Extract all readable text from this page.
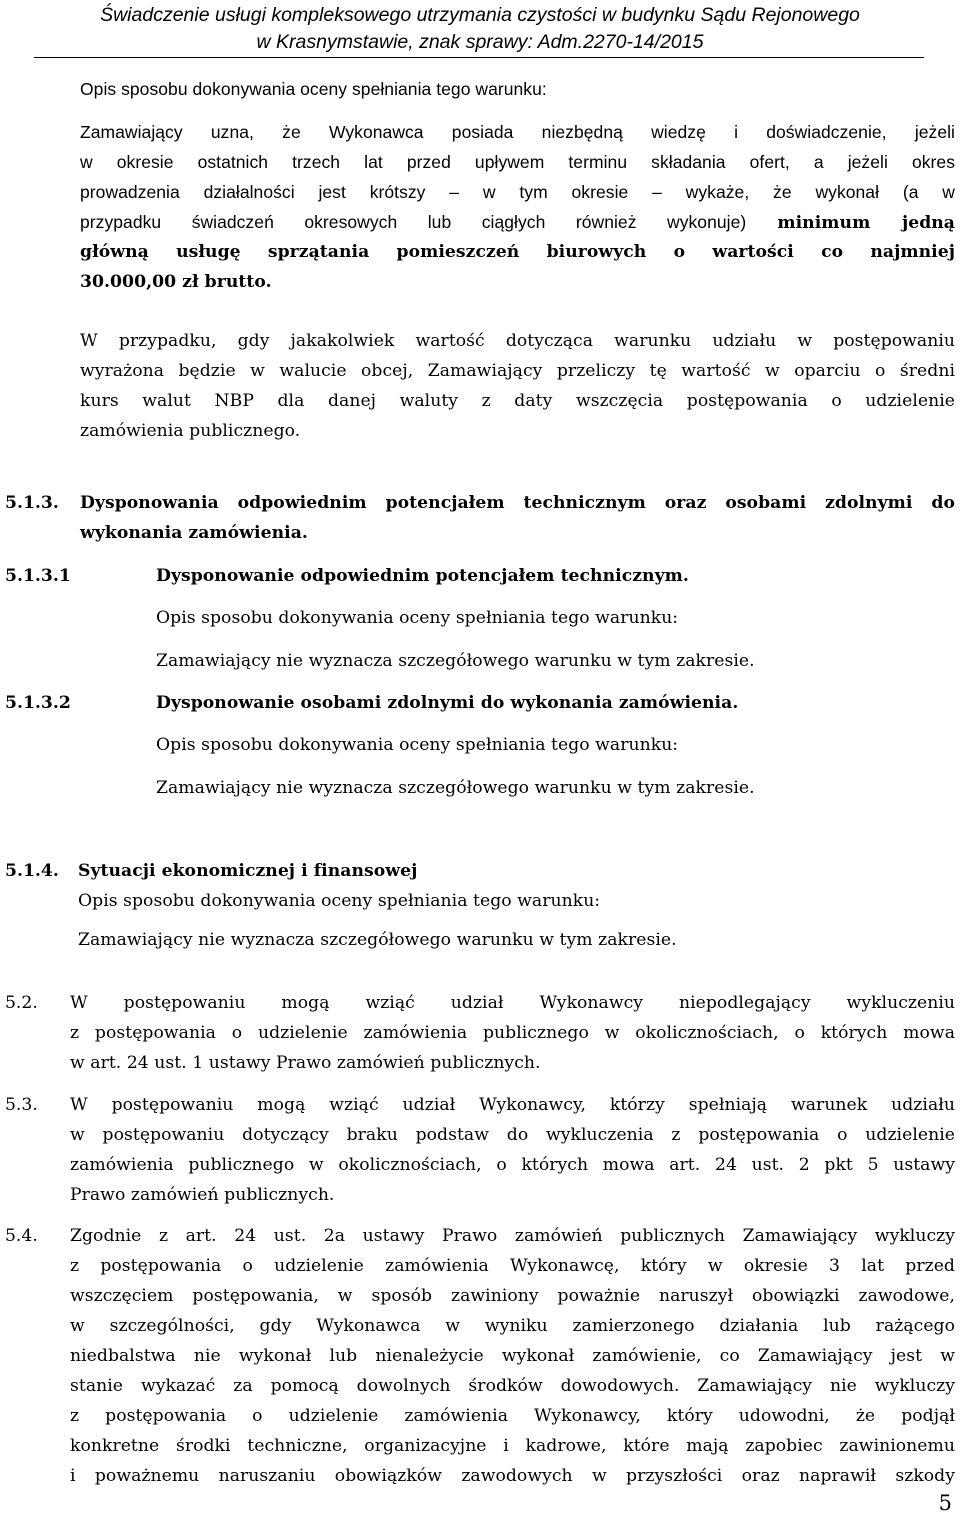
Świadczenie usługi kompleksowego utrzymania czystości w budynku Sądu Rejonowego
w Krasnymstawie, znak sprawy: Adm.2270-14/2015
Opis sposobu dokonywania oceny spełniania tego warunku:
Zamawiający uzna, że Wykonawca posiada niezbędną wiedzę i doświadczenie, jeżeli
w okresie ostatnich trzech lat przed upływem terminu składania ofert, a jeżeli okres
prowadzenia działalności jest krótszy – w tym okresie – wykaże, że wykonał (a w
przypadku świadczeń okresowych lub ciągłych również wykonuje) minimum jedną
główną usługę sprzątania pomieszczeń biurowych o wartości co najmniej
30.000,00 zł brutto.
W przypadku, gdy jakakolwiek wartość dotycząca warunku udziału w postępowaniu
wyrażona będzie w walucie obcej, Zamawiający przeliczy tę wartość w oparciu o średni
kurs walut NBP dla danej waluty z daty wszczęcia postępowania o udzielenie
zamówienia publicznego.
5.1.3. Dysponowania odpowiednim potencjałem technicznym oraz osobami zdolnymi do
wykonania zamówienia.
5.1.3.1	Dysponowanie odpowiednim potencjałem technicznym.
Opis sposobu dokonywania oceny spełniania tego warunku:
Zamawiający nie wyznacza szczegółowego warunku w tym zakresie.
5.1.3.2	Dysponowanie osobami zdolnymi do wykonania zamówienia.
Opis sposobu dokonywania oceny spełniania tego warunku:
Zamawiający nie wyznacza szczegółowego warunku w tym zakresie.
5.1.4. Sytuacji ekonomicznej i finansowej
Opis sposobu dokonywania oceny spełniania tego warunku:
Zamawiający nie wyznacza szczegółowego warunku w tym zakresie.
5.2. W postępowaniu mogą wziąć udział Wykonawcy niepodlegający wykluczeniu
z postępowania o udzielenie zamówienia publicznego w okolicznościach, o których mowa
w art. 24 ust. 1 ustawy Prawo zamówień publicznych.
5.3. W postępowaniu mogą wziąć udział Wykonawcy, którzy spełniają warunek udziału
w postępowaniu dotyczący braku podstaw do wykluczenia z postępowania o udzielenie
zamówienia publicznego w okolicznościach, o których mowa art. 24 ust. 2 pkt 5 ustawy
Prawo zamówień publicznych.
5.4. Zgodnie z art. 24 ust. 2a ustawy Prawo zamówień publicznych Zamawiający wykluczy
z postępowania o udzielenie zamówienia Wykonawcę, który w okresie 3 lat przed
wszczęciem postępowania, w sposób zawiniony poważnie naruszył obowiązki zawodowe,
w szczególności, gdy Wykonawca w wyniku zamierzonego działania lub rażącego
niedbalstwa nie wykonał lub nienależycie wykonał zamówienie, co Zamawiający jest w
stanie wykazać za pomocą dowolnych środków dowodowych. Zamawiający nie wykluczy
z postępowania o udzielenie zamówienia Wykonawcy, który udowodni, że podjął
konkretne środki techniczne, organizacyjne i kadrowe, które mają zapobiec zawinionemu
i poważnemu naruszaniu obowiązków zawodowych w przyszłości oraz naprawił szkody
5
